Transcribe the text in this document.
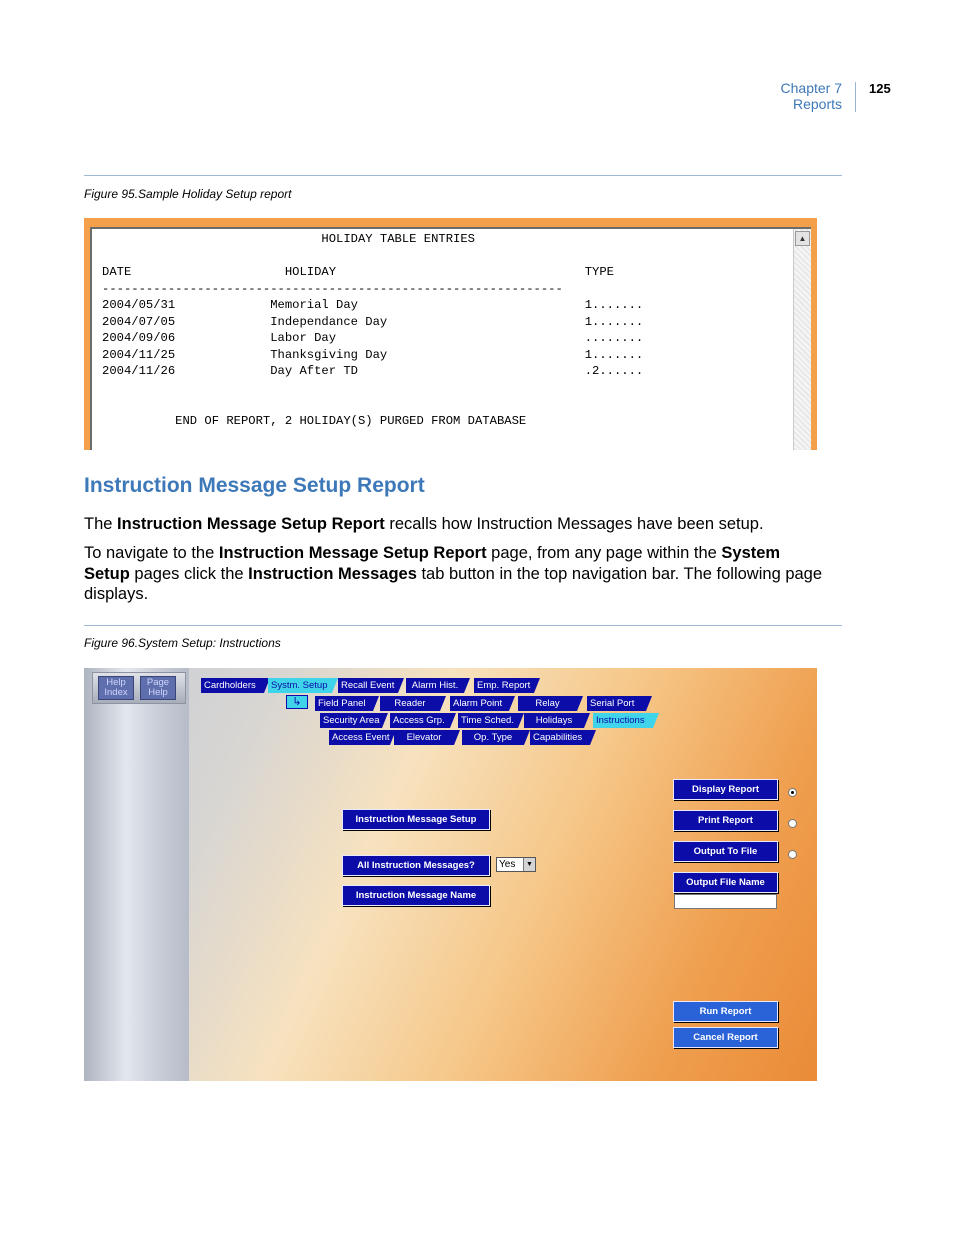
Chapter 7
Reports
125
Figure 95.Sample Holiday Setup report
HOLIDAY TABLE ENTRIES

DATE                     HOLIDAY                                  TYPE
---------------------------------------------------------------
2004/05/31             Memorial Day                               1.......
2004/07/05             Independance Day                           1.......
2004/09/06             Labor Day                                  ........
2004/11/25             Thanksgiving Day                           1.......
2004/11/26             Day After TD                               .2......

END OF REPORT, 2 HOLIDAY(S) PURGED FROM DATABASE
▲
Instruction Message Setup Report
The Instruction Message Setup Report recalls how Instruction Messages have been setup.
To navigate to the Instruction Message Setup Report page, from any page within the System Setup pages click the Instruction Messages tab button in the top navigation bar. The following page displays.
Figure 96.System Setup: Instructions
Help Index
Page Help
Cardholders	Systm. Setup	Recall Event	Alarm Hist.	Emp. Report
↳	Field Panel	Reader	Alarm Point	Relay	Serial Port
Security Area	Access Grp.	Time Sched.	Holidays	Instructions
Access Event	Elevator	Op. Type	Capabilities
Instruction Message Setup
All Instruction Messages?	Yes	▼
Instruction Message Name
Display Report
Print Report
Output To File
Output File Name
Run Report
Cancel Report
